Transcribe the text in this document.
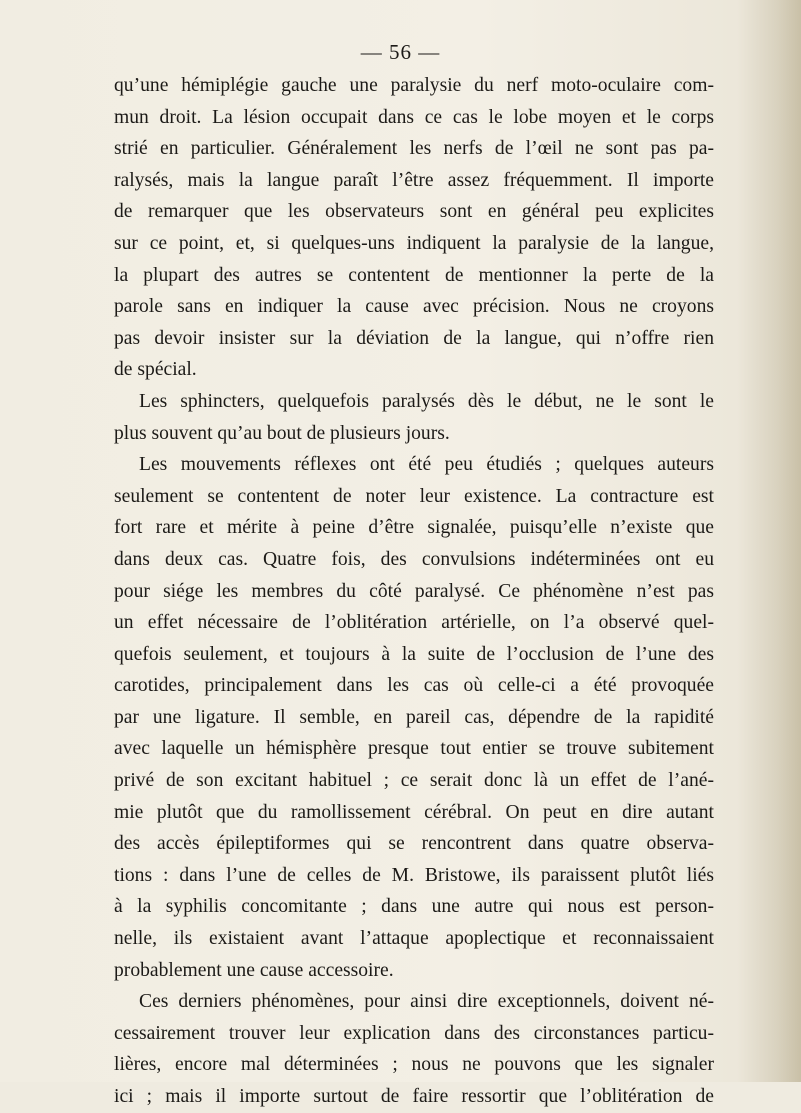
— 56 —
qu’une hémiplégie gauche une paralysie du nerf moto-oculaire com-
mun droit. La lésion occupait dans ce cas le lobe moyen et le corps
strié en particulier. Généralement les nerfs de l’œil ne sont pas pa-
ralysés, mais la langue paraît l’être assez fréquemment. Il importe
de remarquer que les observateurs sont en général peu explicites
sur ce point, et, si quelques-uns indiquent la paralysie de la langue,
la plupart des autres se contentent de mentionner la perte de la
parole sans en indiquer la cause avec précision. Nous ne croyons
pas devoir insister sur la déviation de la langue, qui n’offre rien
de spécial.
Les sphincters, quelquefois paralysés dès le début, ne le sont le
plus souvent qu’au bout de plusieurs jours.
Les mouvements réflexes ont été peu étudiés ; quelques auteurs
seulement se contentent de noter leur existence. La contracture est
fort rare et mérite à peine d’être signalée, puisqu’elle n’existe que
dans deux cas. Quatre fois, des convulsions indéterminées ont eu
pour siége les membres du côté paralysé. Ce phénomène n’est pas
un effet nécessaire de l’oblitération artérielle, on l’a observé quel-
quefois seulement, et toujours à la suite de l’occlusion de l’une des
carotides, principalement dans les cas où celle-ci a été provoquée
par une ligature. Il semble, en pareil cas, dépendre de la rapidité
avec laquelle un hémisphère presque tout entier se trouve subitement
privé de son excitant habituel ; ce serait donc là un effet de l’ané-
mie plutôt que du ramollissement cérébral. On peut en dire autant
des accès épileptiformes qui se rencontrent dans quatre observa-
tions : dans l’une de celles de M. Bristowe, ils paraissent plutôt liés
à la syphilis concomitante ; dans une autre qui nous est person-
nelle, ils existaient avant l’attaque apoplectique et reconnaissaient
probablement une cause accessoire.
Ces derniers phénomènes, pour ainsi dire exceptionnels, doivent né-
cessairement trouver leur explication dans des circonstances particu-
lières, encore mal déterminées ; nous ne pouvons que les signaler
ici ; mais il importe surtout de faire ressortir que l’oblitération de
